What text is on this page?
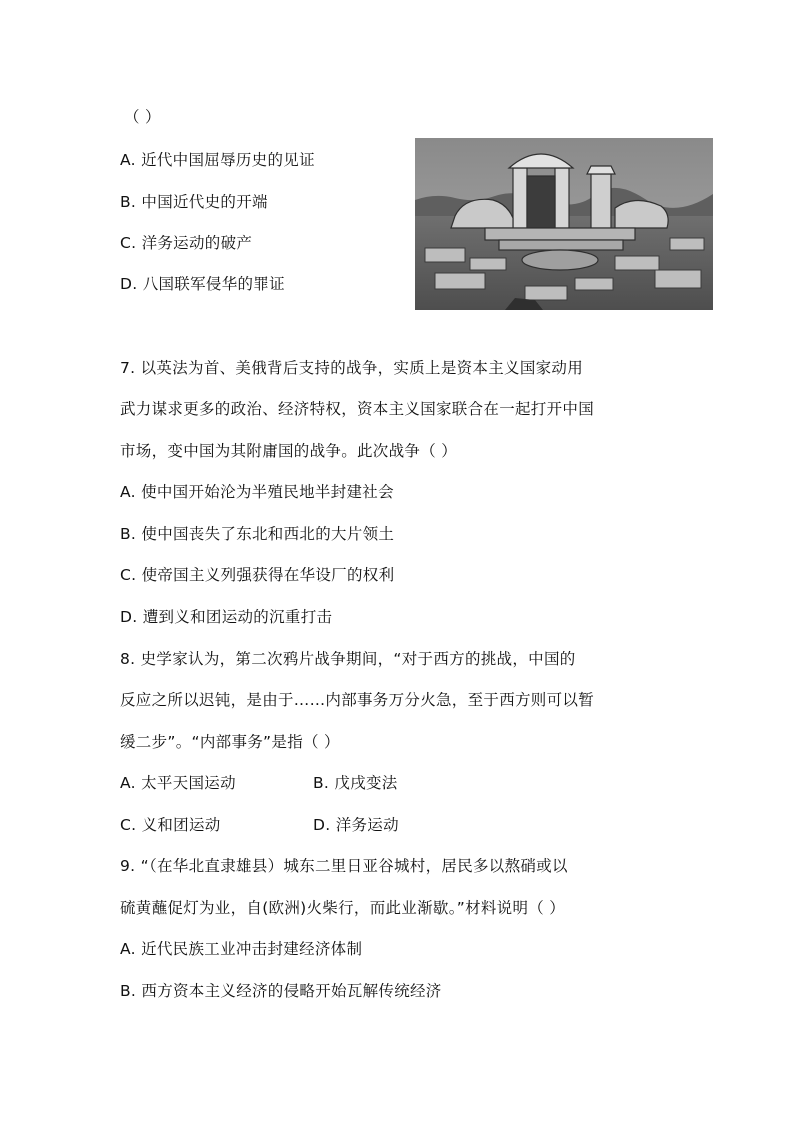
（ ）
A. 近代中国屈辱历史的见证
B. 中国近代史的开端
C. 洋务运动的破产
D. 八国联军侵华的罪证
7. 以英法为首、美俄背后支持的战争，实质上是资本主义国家动用
武力谋求更多的政治、经济特权，资本主义国家联合在一起打开中国
市场，变中国为其附庸国的战争。此次战争（ ）
A. 使中国开始沦为半殖民地半封建社会
B. 使中国丧失了东北和西北的大片领土
C. 使帝国主义列强获得在华设厂的权利
D. 遭到义和团运动的沉重打击
8. 史学家认为，第二次鸦片战争期间，“对于西方的挑战，中国的
反应之所以迟钝，是由于……内部事务万分火急，至于西方则可以暂
缓二步”。“内部事务”是指（ ）
A. 太平天国运动	B. 戊戌变法
C. 义和团运动	D. 洋务运动
9. “（在华北直隶雄县）城东二里日亚谷城村，居民多以熬硝或以
硫黄蘸促灯为业，自(欧洲)火柴行，而此业渐歇。”材料说明（ ）
A. 近代民族工业冲击封建经济体制
B. 西方资本主义经济的侵略开始瓦解传统经济
